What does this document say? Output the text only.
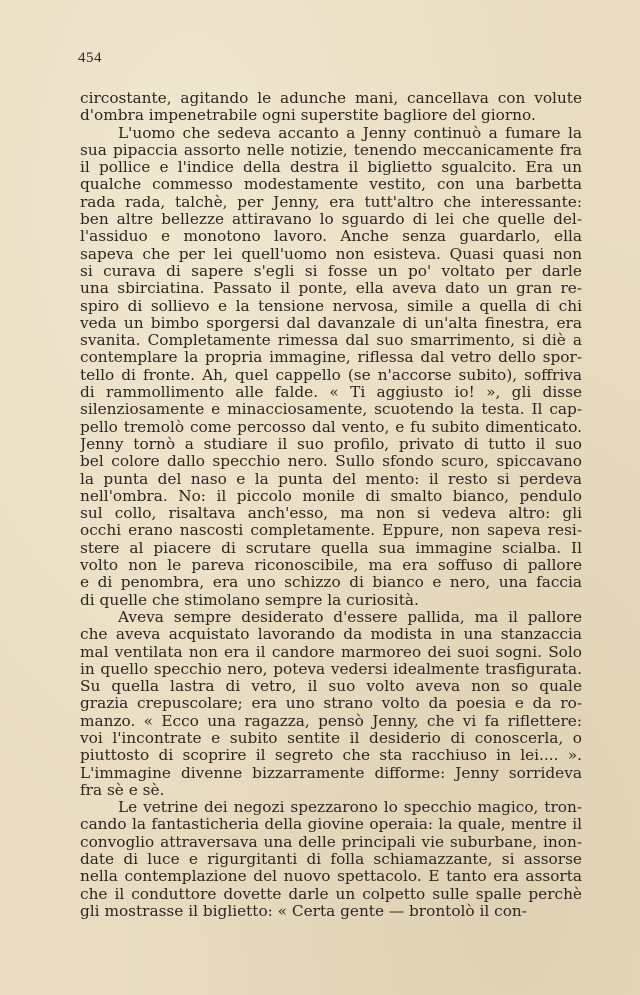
454
circostante, agitando le adunche mani, cancellava con volute
d'ombra impenetrabile ogni superstite bagliore del giorno.
L'uomo che sedeva accanto a Jenny continuò a fumare la
sua pipaccia assorto nelle notizie, tenendo meccanicamente fra
il pollice e l'indice della destra il biglietto sgualcito. Era un
qualche commesso modestamente vestito, con una barbetta
rada rada, talchè, per Jenny, era tutt'altro che interessante:
ben altre bellezze attiravano lo sguardo di lei che quelle del-
l'assiduo e monotono lavoro. Anche senza guardarlo, ella
sapeva che per lei quell'uomo non esisteva. Quasi quasi non
si curava di sapere s'egli si fosse un po' voltato per darle
una sbirciatina. Passato il ponte, ella aveva dato un gran re-
spiro di sollievo e la tensione nervosa, simile a quella di chi
veda un bimbo sporgersi dal davanzale di un'alta finestra, era
svanita. Completamente rimessa dal suo smarrimento, si diè a
contemplare la propria immagine, riflessa dal vetro dello spor-
tello di fronte. Ah, quel cappello (se n'accorse subito), soffriva
di rammollimento alle falde. « Ti aggiusto io! », gli disse
silenziosamente e minacciosamente, scuotendo la testa. Il cap-
pello tremolò come percosso dal vento, e fu subito dimenticato.
Jenny tornò a studiare il suo profilo, privato di tutto il suo
bel colore dallo specchio nero. Sullo sfondo scuro, spiccavano
la punta del naso e la punta del mento: il resto si perdeva
nell'ombra. No: il piccolo monile di smalto bianco, pendulo
sul collo, risaltava anch'esso, ma non si vedeva altro: gli
occhi erano nascosti completamente. Eppure, non sapeva resi-
stere al piacere di scrutare quella sua immagine scialba. Il
volto non le pareva riconoscibile, ma era soffuso di pallore
e di penombra, era uno schizzo di bianco e nero, una faccia
di quelle che stimolano sempre la curiosità.
Aveva sempre desiderato d'essere pallida, ma il pallore
che aveva acquistato lavorando da modista in una stanzaccia
mal ventilata non era il candore marmoreo dei suoi sogni. Solo
in quello specchio nero, poteva vedersi idealmente trasfigurata.
Su quella lastra di vetro, il suo volto aveva non so quale
grazia crepuscolare; era uno strano volto da poesia e da ro-
manzo. « Ecco una ragazza, pensò Jenny, che vi fa riflettere:
voi l'incontrate e subito sentite il desiderio di conoscerla, o
piuttosto di scoprire il segreto che sta racchiuso in lei.... ».
L'immagine divenne bizzarramente difforme: Jenny sorrideva
fra sè e sè.
Le vetrine dei negozi spezzarono lo specchio magico, tron-
cando la fantasticheria della giovine operaia: la quale, mentre il
convoglio attraversava una delle principali vie suburbane, inon-
date di luce e rigurgitanti di folla schiamazzante, si assorse
nella contemplazione del nuovo spettacolo. E tanto era assorta
che il conduttore dovette darle un colpetto sulle spalle perchè
gli mostrasse il biglietto: « Certa gente — brontolò il con-
